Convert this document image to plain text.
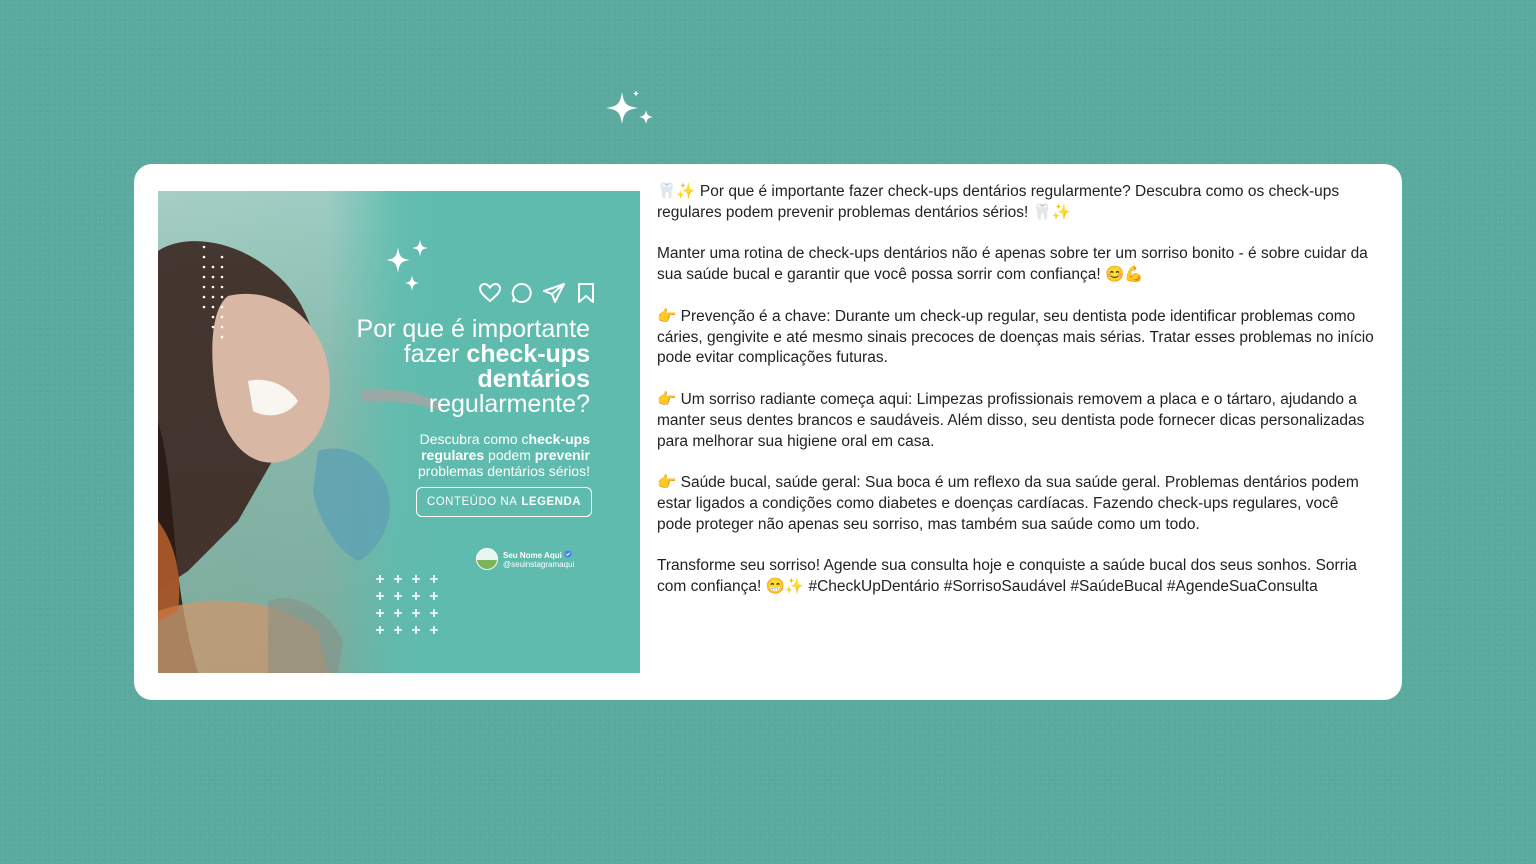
Por que é importante
fazer check-ups
dentários
regularmente?
Descubra como check-ups
regulares podem prevenir
problemas dentários sérios!
CONTEÚDO NA LEGENDA
Seu Nome Aqui
@seuinstagramaqui

🦷✨ Por que é importante fazer check-ups dentários regularmente? Descubra como os check-ups regulares podem prevenir problemas dentários sérios! 🦷✨

Manter uma rotina de check-ups dentários não é apenas sobre ter um sorriso bonito - é sobre cuidar da sua saúde bucal e garantir que você possa sorrir com confiança! 😊💪

👉 Prevenção é a chave: Durante um check-up regular, seu dentista pode identificar problemas como cáries, gengivite e até mesmo sinais precoces de doenças mais sérias. Tratar esses problemas no início pode evitar complicações futuras.

👉 Um sorriso radiante começa aqui: Limpezas profissionais removem a placa e o tártaro, ajudando a manter seus dentes brancos e saudáveis. Além disso, seu dentista pode fornecer dicas personalizadas para melhorar sua higiene oral em casa.

👉 Saúde bucal, saúde geral: Sua boca é um reflexo da sua saúde geral. Problemas dentários podem estar ligados a condições como diabetes e doenças cardíacas. Fazendo check-ups regulares, você pode proteger não apenas seu sorriso, mas também sua saúde como um todo.

Transforme seu sorriso! Agende sua consulta hoje e conquiste a saúde bucal dos seus sonhos. Sorria com confiança! 😁✨ #CheckUpDentário #SorrisoSaudável #SaúdeBucal #AgendeSuaConsulta
